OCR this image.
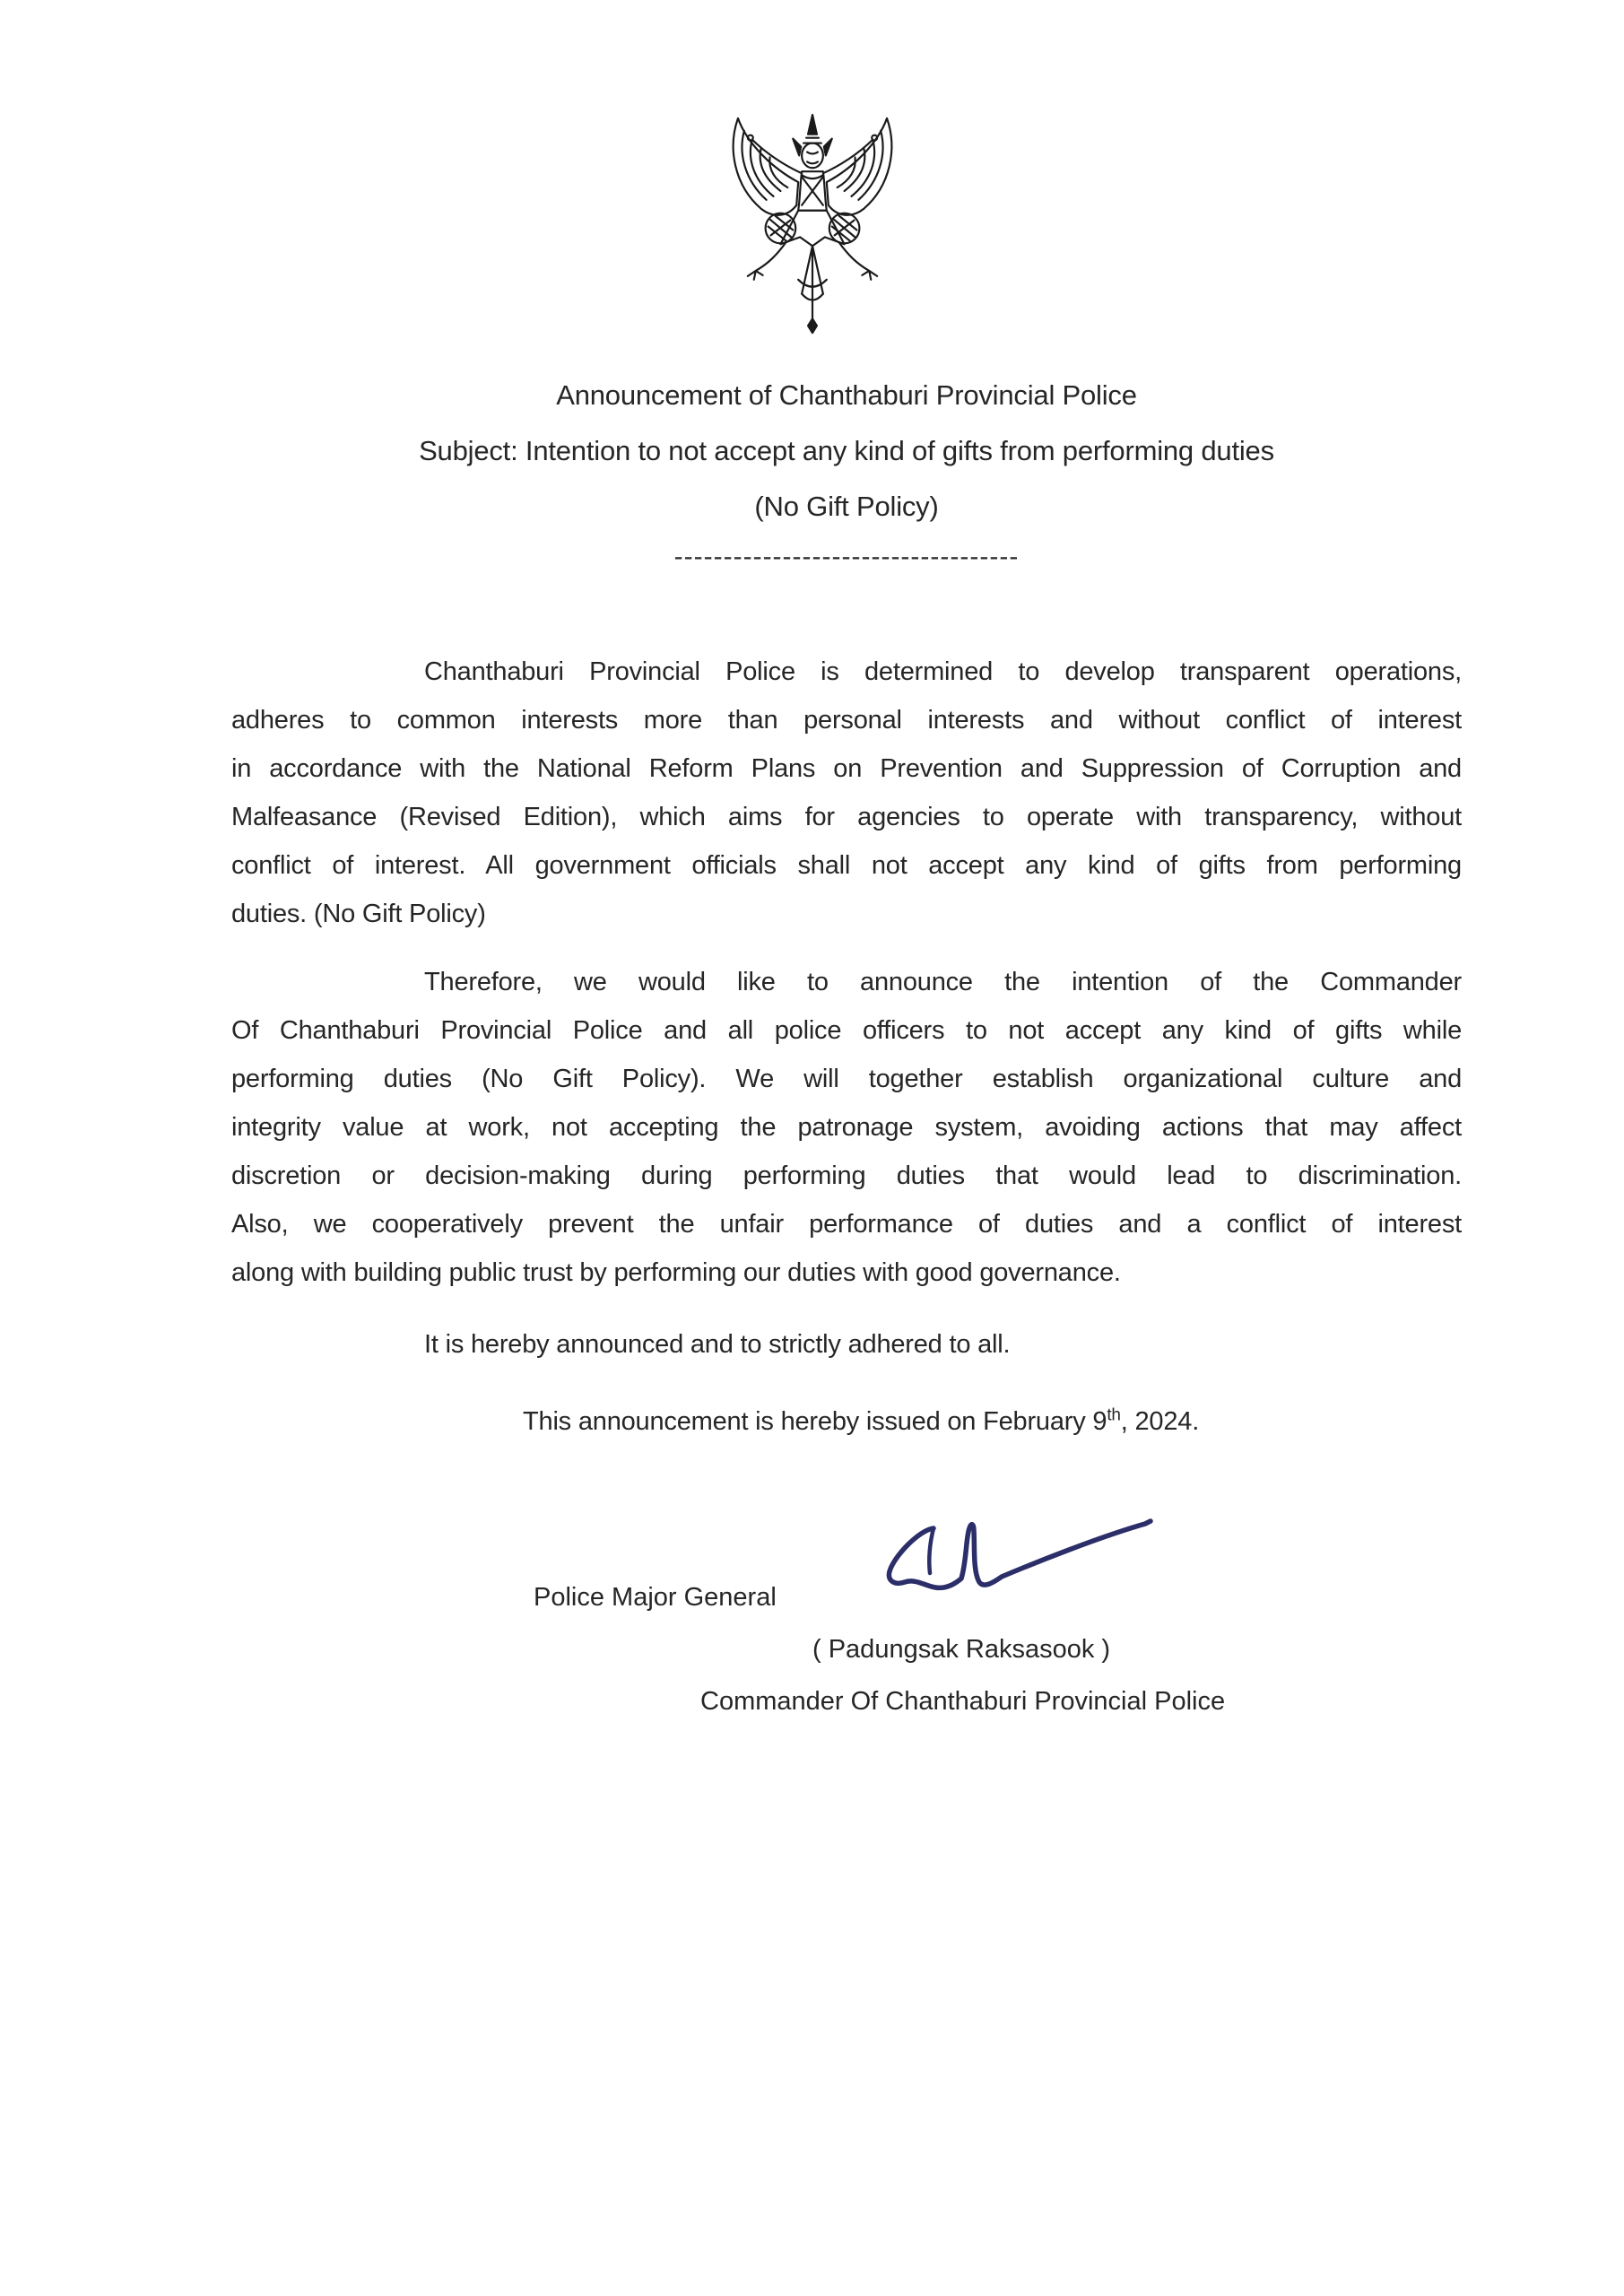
Announcement of Chanthaburi Provincial Police
Subject: Intention to not accept any kind of gifts from performing duties
(No Gift Policy)
-----------------------------------
Chanthaburi Provincial Police is determined to develop transparent operations,
adheres to common interests more than personal interests and without conflict of interest
in accordance with the National Reform Plans on Prevention and Suppression of Corruption and
Malfeasance (Revised Edition), which aims for agencies to operate with transparency, without
conflict of interest. All government officials shall not accept any kind of gifts from performing
duties. (No Gift Policy)
Therefore, we would like to announce the intention of the Commander
Of Chanthaburi Provincial Police and all police officers to not accept any kind of gifts while
performing duties (No Gift Policy). We will together establish organizational culture and
integrity value at work, not accepting the patronage system, avoiding actions that may affect
discretion or decision-making during performing duties that would lead to discrimination.
Also, we cooperatively prevent the unfair performance of duties and a conflict of interest
along with building public trust by performing our duties with good governance.
It is hereby announced and to strictly adhered to all.
This announcement is hereby issued on February 9th, 2024.
Police Major General
( Padungsak Raksasook )
Commander Of Chanthaburi Provincial Police
